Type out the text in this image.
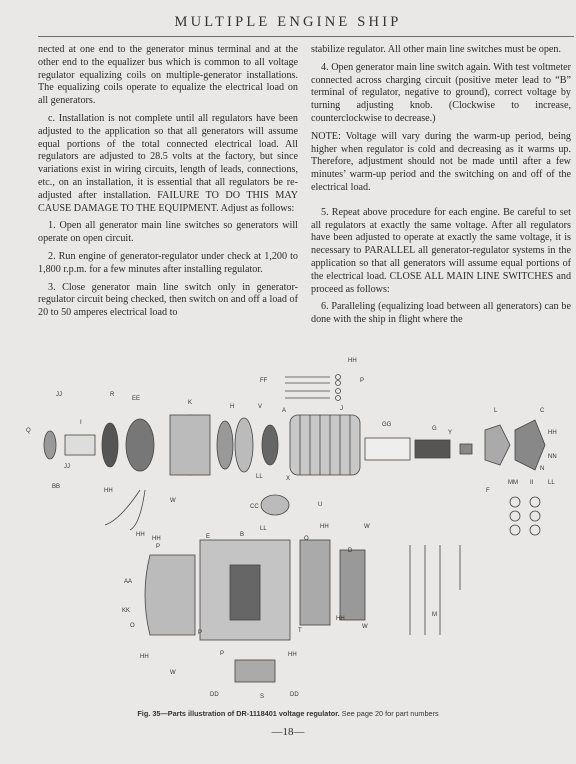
MULTIPLE ENGINE SHIP

nected at one end to the generator minus terminal and at the other end to the equalizer bus which is common to all voltage regulator equalizing coils on multiple-generator installations. The equalizing coils operate to equalize the electrical load on all generators.

c. Installation is not complete until all regulators have been adjusted to the application so that all generators will assume equal portions of the total connected electrical load. All regulators are adjusted to 28.5 volts at the factory, but since variations exist in wiring circuits, length of leads, connections, etc., on an installation, it is essential that all regulators be re-adjusted after installation. FAILURE TO DO THIS MAY CAUSE DAMAGE TO THE EQUIPMENT. Adjust as follows:

1. Open all generator main line switches so generators will operate on open circuit.

2. Run engine of generator-regulator under check at 1,200 to 1,800 r.p.m. for a few minutes after installing regulator.

3. Close generator main line switch only in generator-regulator circuit being checked, then switch on and off a load of 20 to 50 amperes electrical load to

stabilize regulator. All other main line switches must be open.

4. Open generator main line switch again. With test voltmeter connected across charging circuit (positive meter lead to “B” terminal of regulator, negative to ground), correct voltage by turning adjusting knob. (Clockwise to increase, counterclockwise to decrease.)

NOTE: Voltage will vary during the warm-up period, being higher when regulator is cold and decreasing as it warms up. Therefore, adjustment should not be made until after a few minutes’ warm-up period and the switching on and off of the electrical load.

5. Repeat above procedure for each engine. Be careful to set all regulators at exactly the same voltage. After all regulators have been adjusted to operate at exactly the same voltage, it is necessary to PARALLEL all generator-regulator systems in the application so that all generators will assume equal portions of the electrical load. CLOSE ALL MAIN LINE SWITCHES and proceed as follows:

6. Paralleling (equalizing load between all generators) can be done with the ship in flight where the

HH
FF	P
JJ	R
EE
K
H	V
A	J
GG
G
Y
L	C
Q
I
JJ
BB
HH
LL	X
CC	U
W
HH
HH
NN
MM II LL
F
N
HH
P
E	B
HH
W
O
D
AA
KK
O
P	T
HH
W
M
HH
W
DD	S	DD
P	HH
LL
Fig. 35—Parts illustration of DR-1118401 voltage regulator. See page 20 for part numbers
—18—
